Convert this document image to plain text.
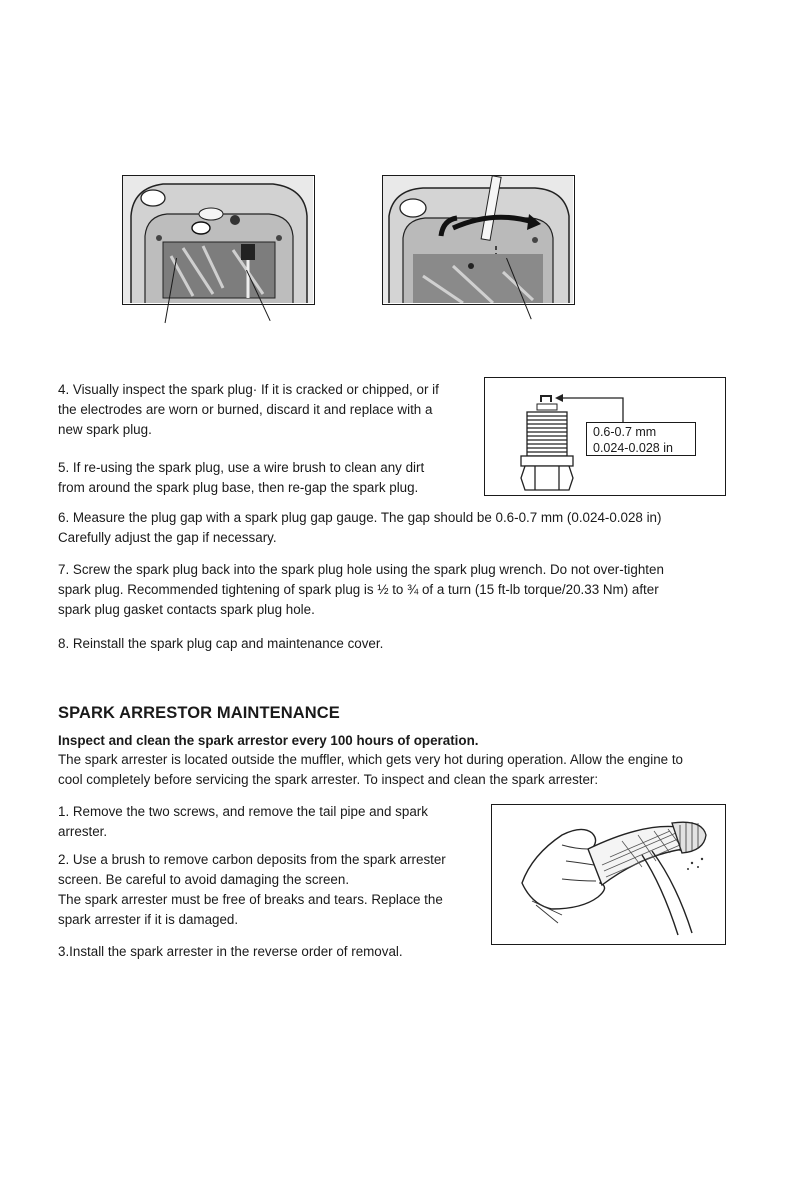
4. Visually inspect the spark plug· If it is cracked or chipped, or if
the electrodes are worn or burned, discard it and replace with a
new spark plug.

5. If re-using the spark plug, use a wire brush to clean any dirt
from around the spark plug base, then re-gap the spark plug.

0.6-0.7 mm
0.024-0.028 in

6. Measure the plug gap with a spark plug gap gauge. The gap should be 0.6-0.7 mm (0.024-0.028 in)
Carefully adjust the gap if necessary.

7. Screw the spark plug back into the spark plug hole using the spark plug wrench. Do not over-tighten
spark plug. Recommended tightening of spark plug is ½ to ¾ of a turn (15 ft-lb torque/20.33 Nm) after
spark plug gasket contacts spark plug hole.

8. Reinstall the spark plug cap and maintenance cover.

SPARK ARRESTOR MAINTENANCE

Inspect and clean the spark arrestor every 100 hours of operation.

The spark arrester is located outside the muffler, which gets very hot during operation. Allow the engine to
cool completely before servicing the spark arrester. To inspect and clean the spark arrester:

1. Remove the two screws, and remove the tail pipe and spark
arrester.

2. Use a brush to remove carbon deposits from the spark arrester
screen. Be careful to avoid damaging the screen.

The spark arrester must be free of breaks and tears. Replace the
spark arrester if it is damaged.

3.Install the spark arrester in the reverse order of removal.
